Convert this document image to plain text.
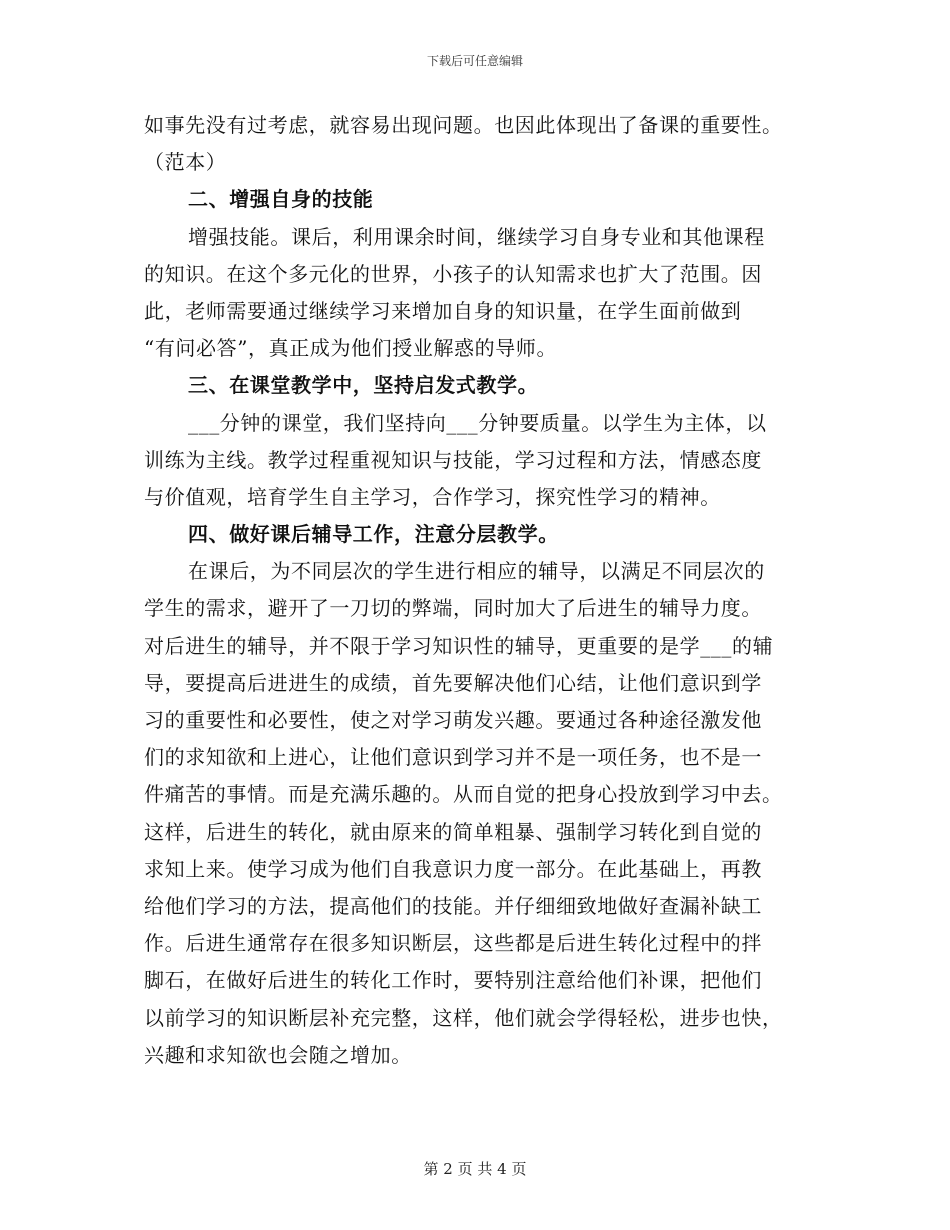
下载后可任意编辑
如事先没有过考虑，就容易出现问题。也因此体现出了备课的重要性。
（范本）
二、增强自身的技能
增强技能。课后，利用课余时间，继续学习自身专业和其他课程
的知识。在这个多元化的世界，小孩子的认知需求也扩大了范围。因
此，老师需要通过继续学习来增加自身的知识量，在学生面前做到
“有问必答”，真正成为他们授业解惑的导师。
三、在课堂教学中，坚持启发式教学。
___分钟的课堂，我们坚持向___分钟要质量。以学生为主体，以
训练为主线。教学过程重视知识与技能，学习过程和方法，情感态度
与价值观，培育学生自主学习，合作学习，探究性学习的精神。
四、做好课后辅导工作，注意分层教学。
在课后，为不同层次的学生进行相应的辅导，以满足不同层次的
学生的需求，避开了一刀切的弊端，同时加大了后进生的辅导力度。
对后进生的辅导，并不限于学习知识性的辅导，更重要的是学___的辅
导，要提高后进进生的成绩，首先要解决他们心结，让他们意识到学
习的重要性和必要性，使之对学习萌发兴趣。要通过各种途径激发他
们的求知欲和上进心，让他们意识到学习并不是一项任务，也不是一
件痛苦的事情。而是充满乐趣的。从而自觉的把身心投放到学习中去。
这样，后进生的转化，就由原来的简单粗暴、强制学习转化到自觉的
求知上来。使学习成为他们自我意识力度一部分。在此基础上，再教
给他们学习的方法，提高他们的技能。并仔细细致地做好查漏补缺工
作。后进生通常存在很多知识断层，这些都是后进生转化过程中的拌
脚石，在做好后进生的转化工作时，要特别注意给他们补课，把他们
以前学习的知识断层补充完整，这样，他们就会学得轻松，进步也快，
兴趣和求知欲也会随之增加。
第 2 页 共 4 页
